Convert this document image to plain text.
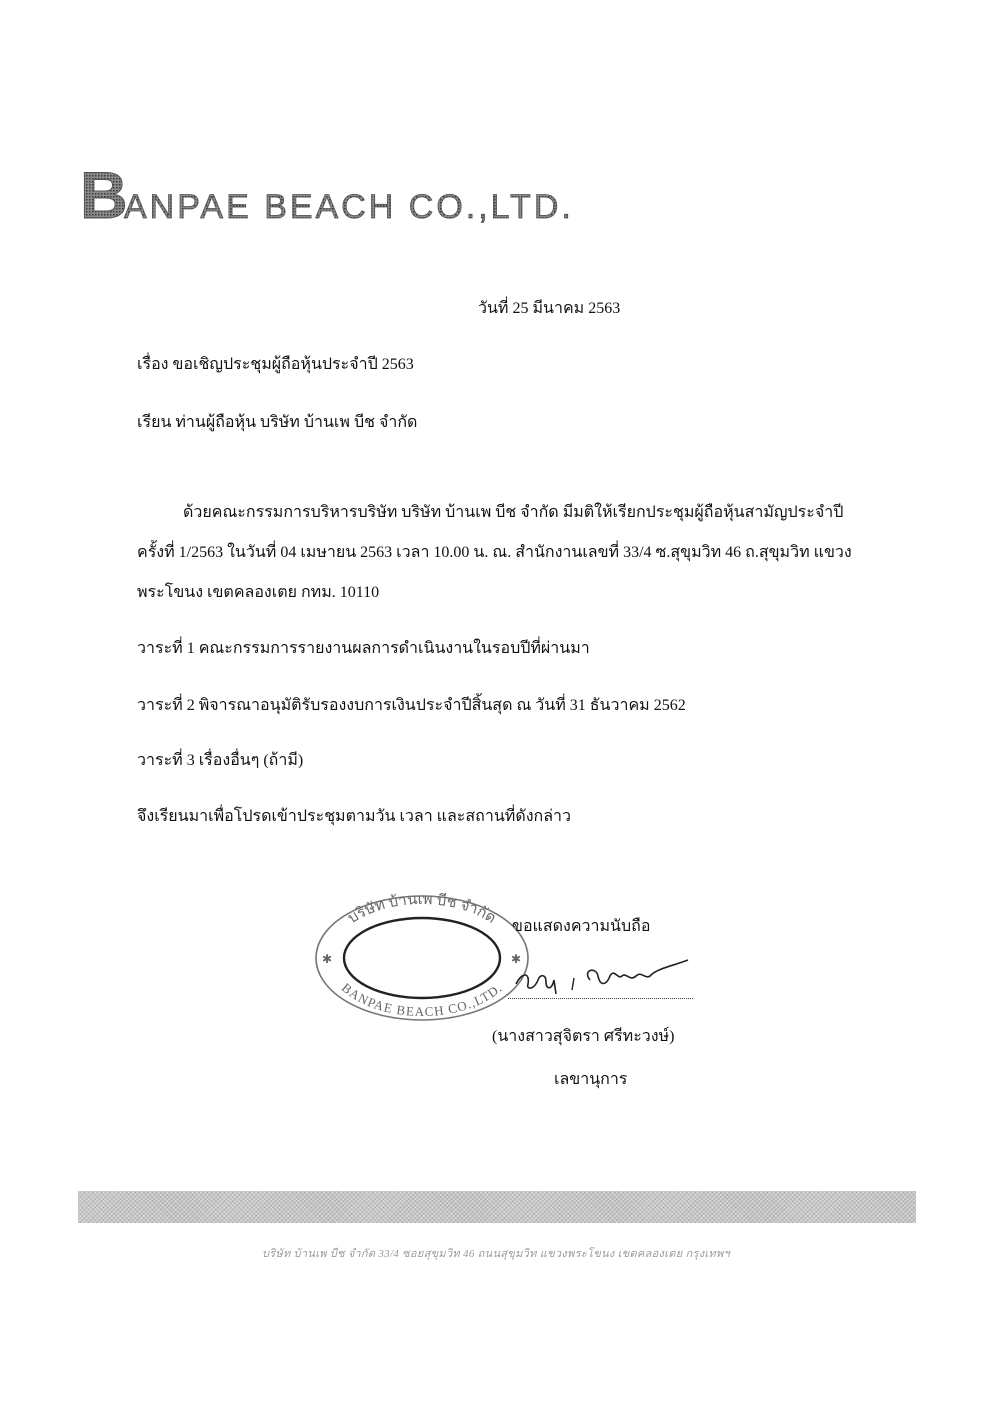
B
ANPAE BEACH CO.,LTD.
วันที่ 25 มีนาคม 2563
เรื่อง ขอเชิญประชุมผู้ถือหุ้นประจำปี 2563
เรียน ท่านผู้ถือหุ้น บริษัท บ้านเพ บีช จำกัด
ด้วยคณะกรรมการบริหารบริษัท บริษัท บ้านเพ บีช จำกัด มีมติให้เรียกประชุมผู้ถือหุ้นสามัญประจำปี
ครั้งที่ 1/2563 ในวันที่ 04 เมษายน 2563 เวลา 10.00 น. ณ. สำนักงานเลขที่ 33/4 ซ.สุขุมวิท 46 ถ.สุขุมวิท แขวง
พระโขนง เขตคลองเตย กทม. 10110
วาระที่ 1 คณะกรรมการรายงานผลการดำเนินงานในรอบปีที่ผ่านมา
วาระที่ 2 พิจารณาอนุมัติรับรองงบการเงินประจำปีสิ้นสุด ณ วันที่ 31 ธันวาคม 2562
วาระที่ 3 เรื่องอื่นๆ (ถ้ามี)
จึงเรียนมาเพื่อโปรดเข้าประชุมตามวัน เวลา และสถานที่ดังกล่าว
บริษัท บ้านเพ บีช จำกัด
BANPAE BEACH CO.,LTD.
✱	✱
ขอแสดงความนับถือ
(นางสาวสุจิตรา ศรีทะวงษ์)
เลขานุการ
บริษัท บ้านเพ บีช จำกัด 33/4 ซอยสุขุมวิท 46 ถนนสุขุมวิท แขวงพระโขนง เขตคลองเตย กรุงเทพฯ
